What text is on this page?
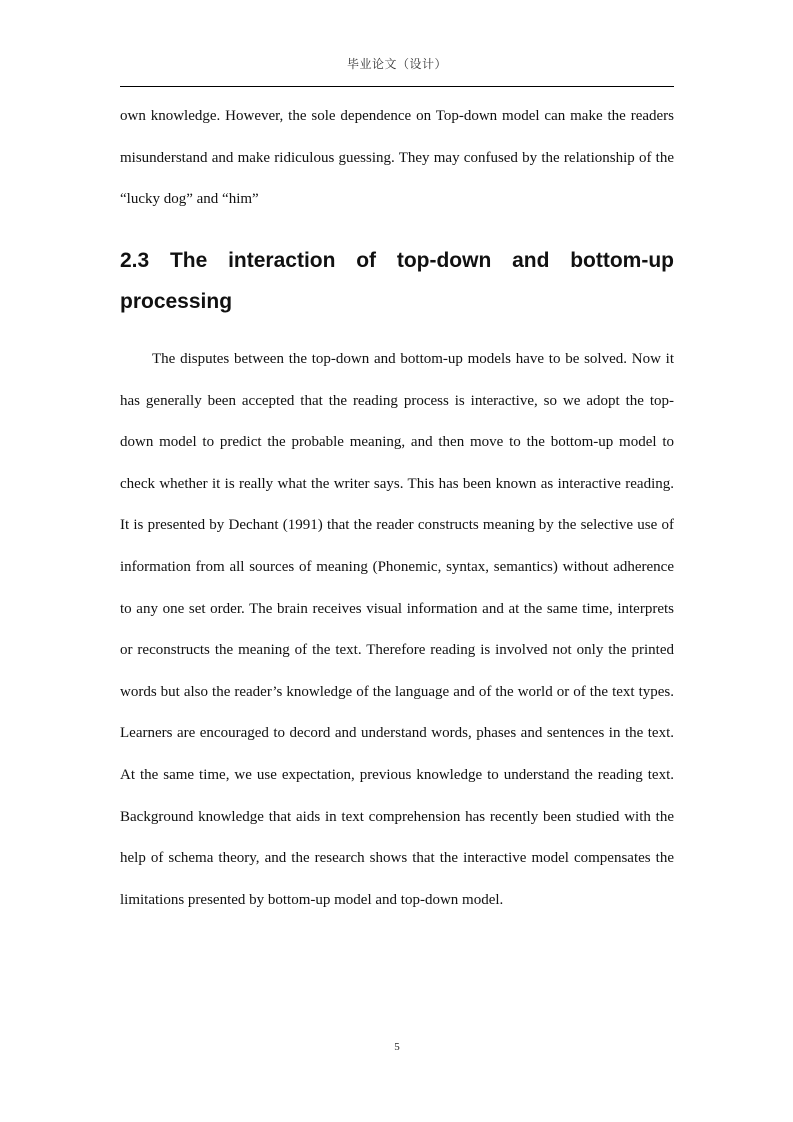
毕业论文（设计）

own knowledge. However, the sole dependence on Top-down model can make the readers misunderstand and make ridiculous guessing. They may confused by the relationship of the “lucky dog” and “him”

2.3 The interaction of top-down and bottom-up processing

The disputes between the top-down and bottom-up models have to be solved. Now it has generally been accepted that the reading process is interactive, so we adopt the top-down model to predict the probable meaning, and then move to the bottom-up model to check whether it is really what the writer says. This has been known as interactive reading. It is presented by Dechant (1991) that the reader constructs meaning by the selective use of information from all sources of meaning (Phonemic, syntax, semantics) without adherence to any one set order. The brain receives visual information and at the same time, interprets or reconstructs the meaning of the text. Therefore reading is involved not only the printed words but also the reader’s knowledge of the language and of the world or of the text types. Learners are encouraged to decord and understand words, phases and sentences in the text. At the same time, we use expectation, previous knowledge to understand the reading text. Background knowledge that aids in text comprehension has recently been studied with the help of schema theory, and the research shows that the interactive model compensates the limitations presented by bottom-up model and top-down model.

5
